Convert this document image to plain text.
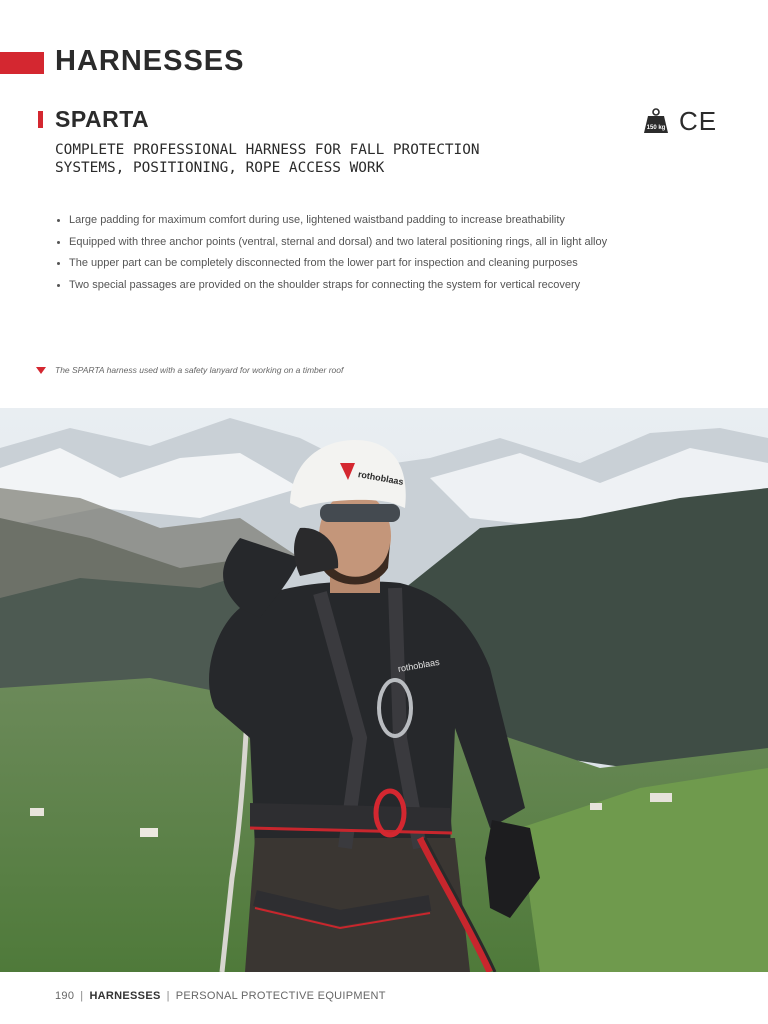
HARNESSES
SPARTA	150 kg CE
COMPLETE PROFESSIONAL HARNESS FOR FALL PROTECTION
SYSTEMS, POSITIONING, ROPE ACCESS WORK
Large padding for maximum comfort during use, lightened waistband padding to increase breathability
Equipped with three anchor points (ventral, sternal and dorsal) and two lateral positioning rings, all in light alloy
The upper part can be completely disconnected from the lower part for inspection and cleaning purposes
Two special passages are provided on the shoulder straps for connecting the system for vertical recovery
The SPARTA harness used with a safety lanyard for working on a timber roof
rothoblaas
rothoblaas
190 | HARNESSES | PERSONAL PROTECTIVE EQUIPMENT
